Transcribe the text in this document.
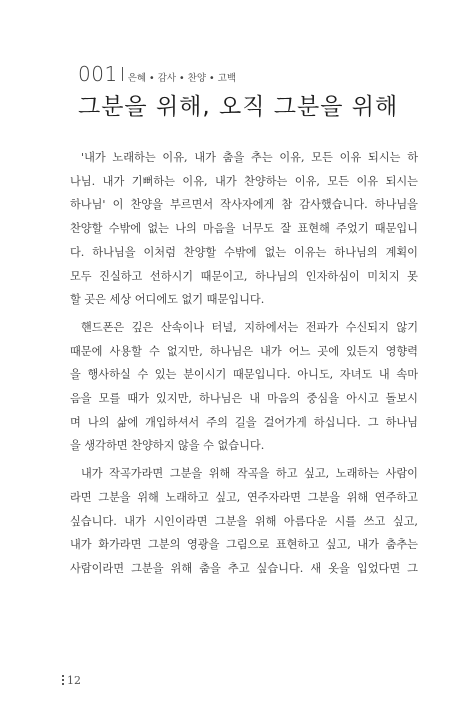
001 은혜 • 감사 • 찬양 • 고백
그분을 위해, 오직 그분을 위해

'내가 노래하는 이유, 내가 춤을 추는 이유, 모든 이유 되시는 하
나님. 내가 기뻐하는 이유, 내가 찬양하는 이유, 모든 이유 되시는
하나님' 이 찬양을 부르면서 작사자에게 참 감사했습니다. 하나님을
찬양할 수밖에 없는 나의 마음을 너무도 잘 표현해 주었기 때문입니
다. 하나님을 이처럼 찬양할 수밖에 없는 이유는 하나님의 계획이
모두 진실하고 선하시기 때문이고, 하나님의 인자하심이 미치지 못
할 곳은 세상 어디에도 없기 때문입니다.

핸드폰은 깊은 산속이나 터널, 지하에서는 전파가 수신되지 않기
때문에 사용할 수 없지만, 하나님은 내가 어느 곳에 있든지 영향력
을 행사하실 수 있는 분이시기 때문입니다. 아니도, 자녀도 내 속마
음을 모를 때가 있지만, 하나님은 내 마음의 중심을 아시고 돌보시
며 나의 삶에 개입하셔서 주의 길을 걸어가게 하십니다. 그 하나님
을 생각하면 찬양하지 않을 수 없습니다.

내가 작곡가라면 그분을 위해 작곡을 하고 싶고, 노래하는 사람이
라면 그분을 위해 노래하고 싶고, 연주자라면 그분을 위해 연주하고
싶습니다. 내가 시인이라면 그분을 위해 아름다운 시를 쓰고 싶고,
내가 화가라면 그분의 영광을 그림으로 표현하고 싶고, 내가 춤추는
사람이라면 그분을 위해 춤을 추고 싶습니다. 새 옷을 입었다면 그

12
